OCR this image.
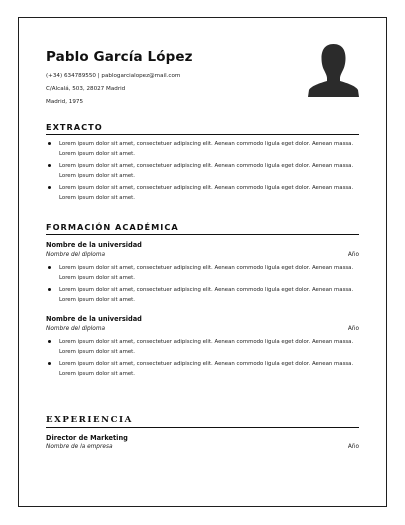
Pablo García López
(+34) 634789550 | pablogarcialopez@mail.com
C/Alcalá, 503, 28027 Madrid
Madrid, 1975
EXTRACTO
Lorem ipsum dolor sit amet, consectetuer adipiscing elit. Aenean commodo ligula eget dolor. Aenean massa. Lorem ipsum dolor sit amet.
Lorem ipsum dolor sit amet, consectetuer adipiscing elit. Aenean commodo ligula eget dolor. Aenean massa. Lorem ipsum dolor sit amet.
Lorem ipsum dolor sit amet, consectetuer adipiscing elit. Aenean commodo ligula eget dolor. Aenean massa. Lorem ipsum dolor sit amet.
FORMACIÓN ACADÉMICA
Nombre de la universidad
Nombre del diploma	Año
Lorem ipsum dolor sit amet, consectetuer adipiscing elit. Aenean commodo ligula eget dolor. Aenean massa. Lorem ipsum dolor sit amet.
Lorem ipsum dolor sit amet, consectetuer adipiscing elit. Aenean commodo ligula eget dolor. Aenean massa. Lorem ipsum dolor sit amet.
Nombre de la universidad
Nombre del diploma	Año
Lorem ipsum dolor sit amet, consectetuer adipiscing elit. Aenean commodo ligula eget dolor. Aenean massa. Lorem ipsum dolor sit amet.
Lorem ipsum dolor sit amet, consectetuer adipiscing elit. Aenean commodo ligula eget dolor. Aenean massa. Lorem ipsum dolor sit amet.
EXPERIENCIA
Director de Marketing
Nombre de la empresa	Año
